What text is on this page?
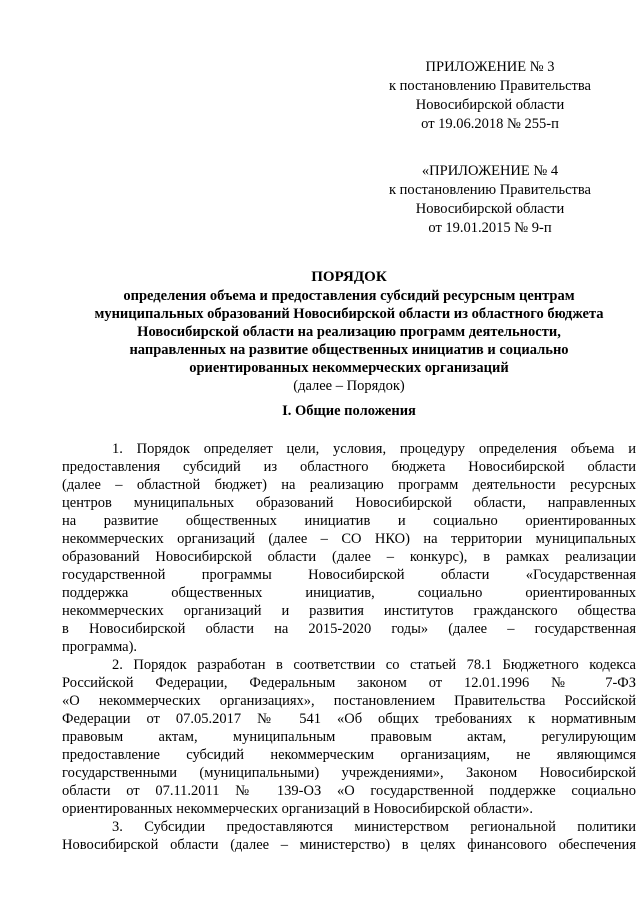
ПРИЛОЖЕНИЕ № 3
к постановлению Правительства
Новосибирской области
от 19.06.2018 № 255-п
«ПРИЛОЖЕНИЕ № 4
к постановлению Правительства
Новосибирской области
от 19.01.2015 № 9-п
ПОРЯДОК
определения объема и предоставления субсидий ресурсным центрам
муниципальных образований Новосибирской области из областного бюджета
Новосибирской области на реализацию программ деятельности,
направленных на развитие общественных инициатив и социально
ориентированных некоммерческих организаций
(далее – Порядок)
I. Общие положения
1. Порядок определяет цели, условия, процедуру определения объема и
предоставления субсидий из областного бюджета Новосибирской области
(далее – областной бюджет) на реализацию программ деятельности ресурсных
центров муниципальных образований Новосибирской области, направленных
на развитие общественных инициатив и социально ориентированных
некоммерческих организаций (далее – СО НКО) на территории муниципальных
образований Новосибирской области (далее – конкурс), в рамках реализации
государственной программы Новосибирской области «Государственная
поддержка общественных инициатив, социально ориентированных
некоммерческих организаций и развития институтов гражданского общества
в Новосибирской области на 2015-2020 годы» (далее – государственная
программа).
2. Порядок разработан в соответствии со статьей 78.1 Бюджетного кодекса
Российской Федерации, Федеральным законом от 12.01.1996 № 7-ФЗ
«О некоммерческих организациях», постановлением Правительства Российской
Федерации от 07.05.2017 № 541 «Об общих требованиях к нормативным
правовым актам, муниципальным правовым актам, регулирующим
предоставление субсидий некоммерческим организациям, не являющимся
государственными (муниципальными) учреждениями», Законом Новосибирской
области от 07.11.2011 № 139-ОЗ «О государственной поддержке социально
ориентированных некоммерческих организаций в Новосибирской области».
3. Субсидии предоставляются министерством региональной политики
Новосибирской области (далее – министерство) в целях финансового обеспечения
